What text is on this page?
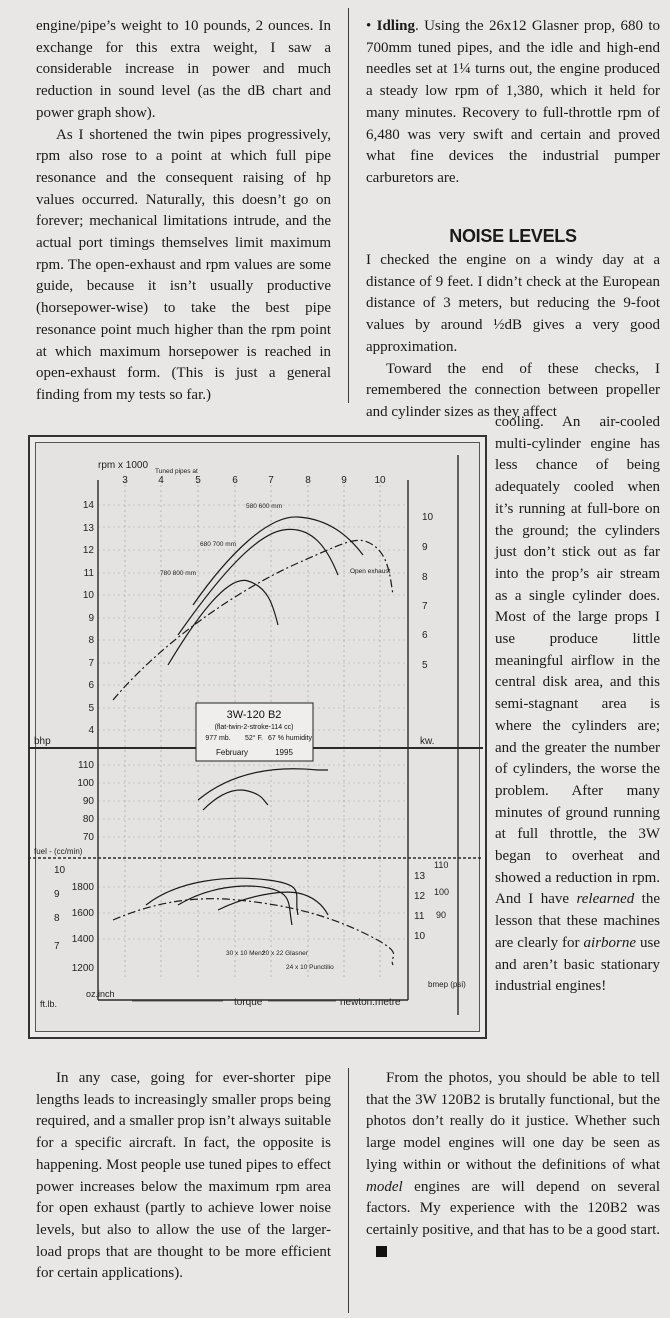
engine/pipe’s weight to 10 pounds, 2 ounces. In exchange for this extra weight, I saw a considerable increase in power and much reduction in sound level (as the dB chart and power graph show).

As I shortened the twin pipes progressively, rpm also rose to a point at which full pipe resonance and the consequent raising of hp values occurred. Naturally, this doesn’t go on forever; mechanical limitations intrude, and the actual port timings themselves limit maximum rpm. The open-exhaust and rpm values are some guide, because it isn’t usually productive (horsepower-wise) to take the best pipe resonance point much higher than the rpm point at which maximum horsepower is reached in open-exhaust form. (This is just a general finding from my tests so far.)

• Idling. Using the 26x12 Glasner prop, 680 to 700mm tuned pipes, and the idle and high-end needles set at 1¼ turns out, the engine produced a steady low rpm of 1,380, which it held for many minutes. Recovery to full-throttle rpm of 6,480 was very swift and certain and proved what fine devices the industrial pumper carburetors are.

NOISE LEVELS

I checked the engine on a windy day at a distance of 9 feet. I didn’t check at the European distance of 3 meters, but reducing the 9-foot values by around ½dB gives a very good approximation.

Toward the end of these checks, I remembered the connection between propeller and cylinder sizes as they affect

cooling. An air-cooled multi-cylinder engine has less chance of being adequately cooled when it’s running at full-bore on the ground; the cylinders just don’t stick out as far into the prop’s air stream as a single cylinder does. Most of the large props I use produce little meaningful airflow in the central disk area, and this semi-stagnant area is where the cylinders are; and the greater the number of cylinders, the worse the problem. After many minutes of ground running at full throttle, the 3W began to overheat and showed a reduction in rpm. And I have relearned the lesson that these machines are clearly for airborne use and aren’t basic stationary industrial engines!

3	4	5	6	7	8	9	10
rpm x 1000
14
13
12
11
10
9
8
7
6
5
4
bhp
10
9
8
7
6
5
kw.
110
100
90
80
70
fuel - (cc/min)
1800
1600
1400
1200
10
9
8
7
13
12
11
10
110
100
90
bmep (psi)
oz.inch
ft.lb.	torque	newton.metre
Tuned pipes at
580 600 mm
680 700 mm
780 800 mm	Open exhaust
30 x 10 Menz
20 x 22 Glasner
24 x 10 Punctilio
3W-120 B2
(flat-twin-2-stroke-114 cc)
977 mb. 52° F. 67 % humidity
February	1995

In any case, going for ever-shorter pipe lengths leads to increasingly smaller props being required, and a smaller prop isn’t always suitable for a specific aircraft. In fact, the opposite is happening. Most people use tuned pipes to effect power increases below the maximum rpm area for open exhaust (partly to achieve lower noise levels, but also to allow the use of the larger-load props that are thought to be more efficient for certain applications).

From the photos, you should be able to tell that the 3W 120B2 is brutally functional, but the photos don’t really do it justice. Whether such large model engines will one day be seen as lying within or without the definitions of what model engines are will depend on several factors. My experience with the 120B2 was certainly positive, and that has to be a good start.
